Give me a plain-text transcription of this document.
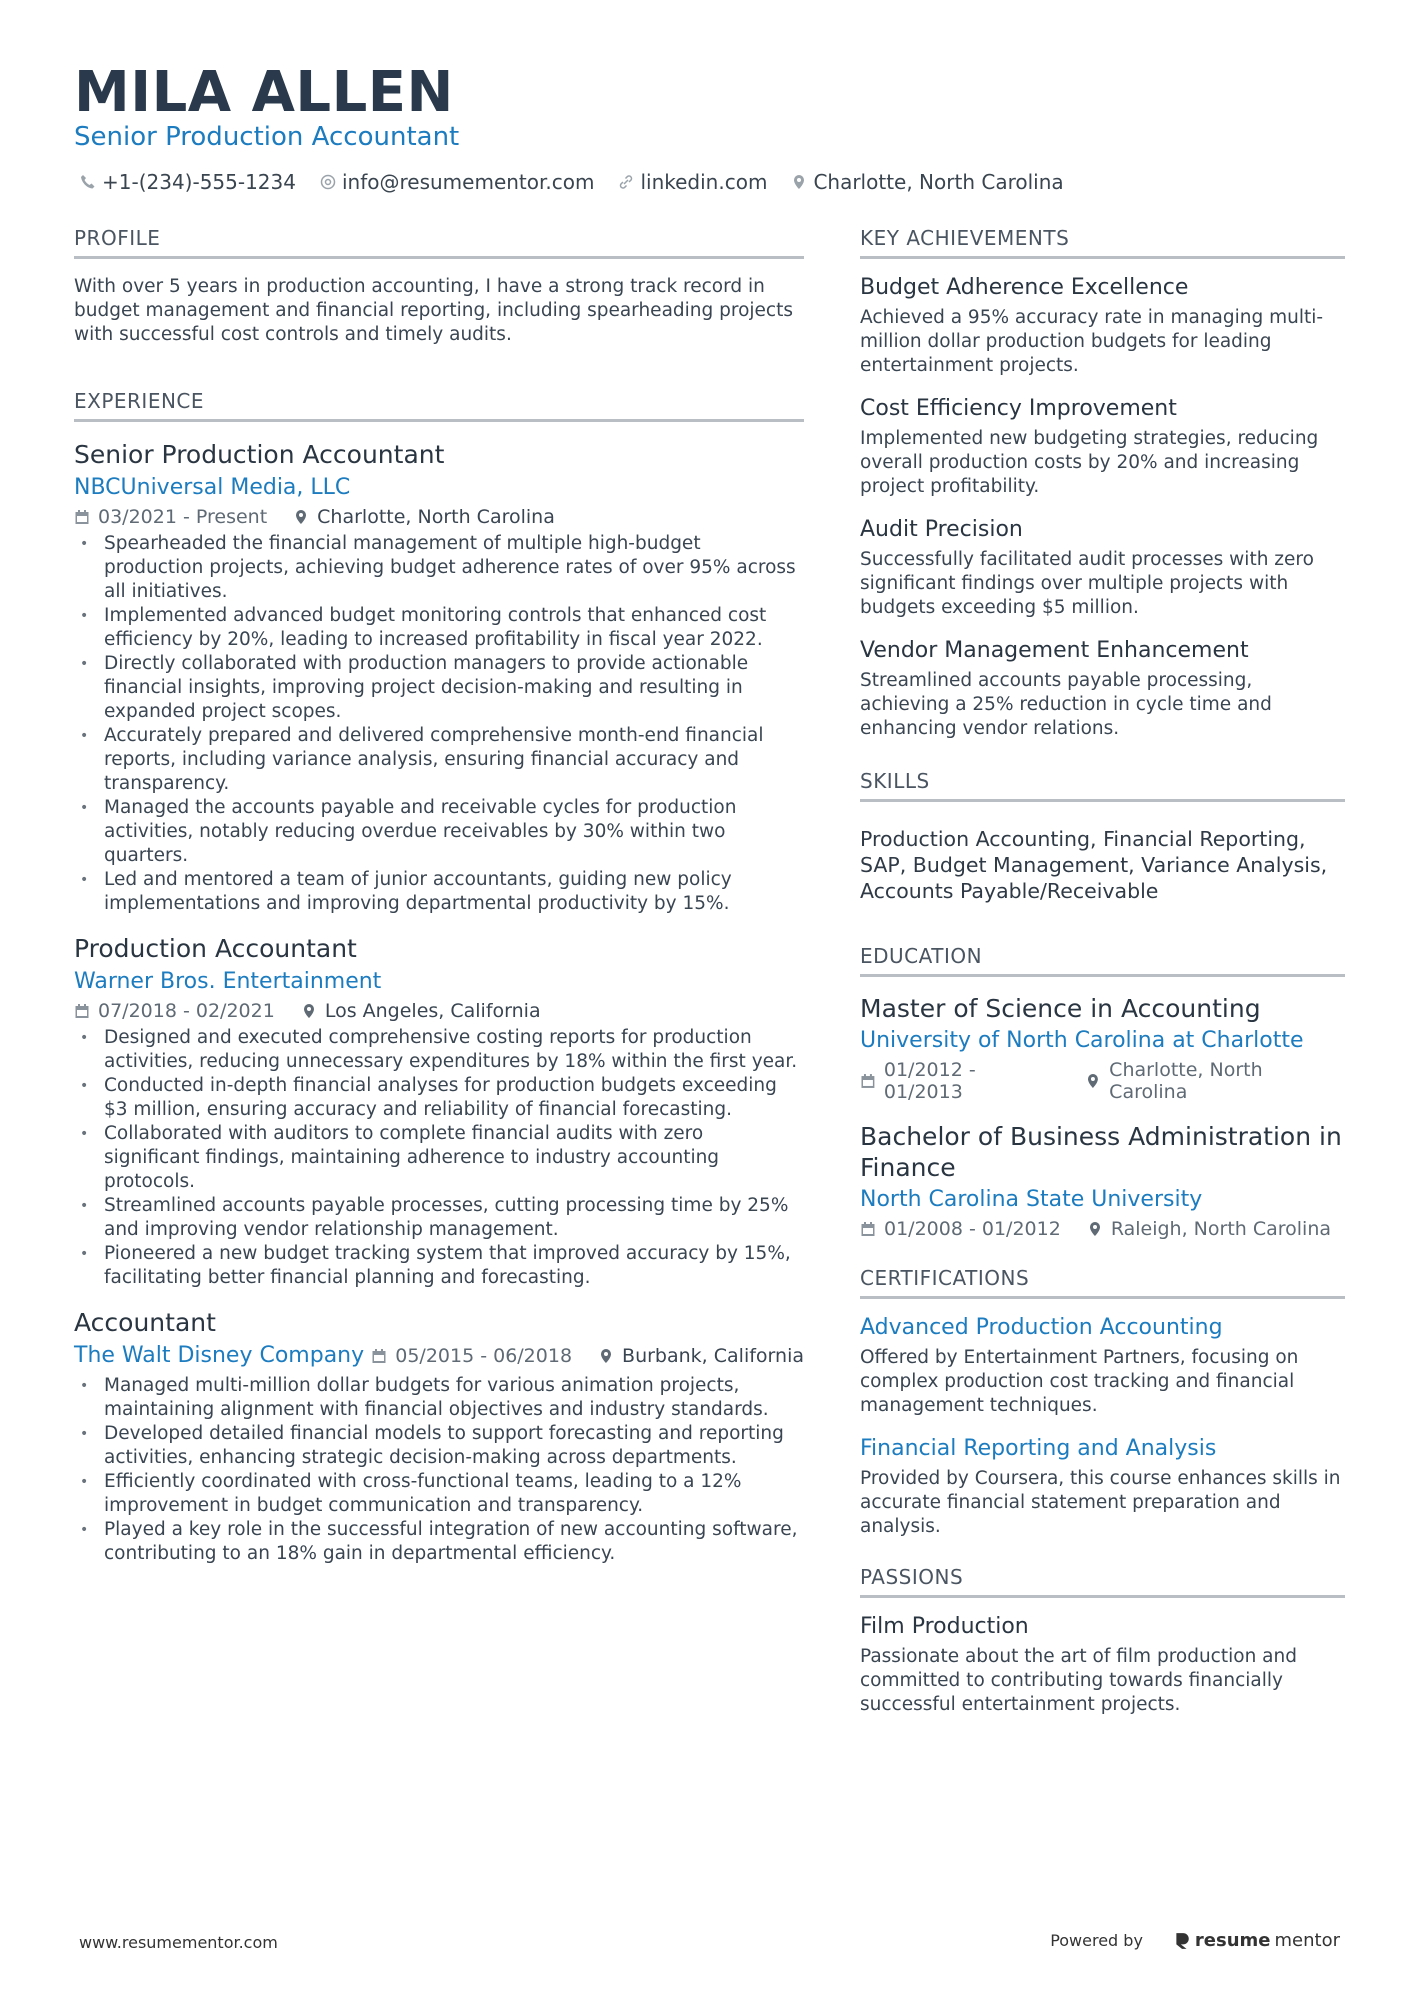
MILA ALLEN
Senior Production Accountant
+1-(234)-555-1234 info@resumementor.com linkedin.com Charlotte, North Carolina
PROFILE
With over 5 years in production accounting, I have a strong track record in budget management and financial reporting, including spearheading projects with successful cost controls and timely audits.
EXPERIENCE
Senior Production Accountant
NBCUniversal Media, LLC
03/2021 - Present	Charlotte, North Carolina
• Spearheaded the financial management of multiple high-budget production projects, achieving budget adherence rates of over 95% across all initiatives.
• Implemented advanced budget monitoring controls that enhanced cost efficiency by 20%, leading to increased profitability in fiscal year 2022.
• Directly collaborated with production managers to provide actionable financial insights, improving project decision-making and resulting in expanded project scopes.
• Accurately prepared and delivered comprehensive month-end financial reports, including variance analysis, ensuring financial accuracy and transparency.
• Managed the accounts payable and receivable cycles for production activities, notably reducing overdue receivables by 30% within two quarters.
• Led and mentored a team of junior accountants, guiding new policy implementations and improving departmental productivity by 15%.
Production Accountant
Warner Bros. Entertainment
07/2018 - 02/2021	Los Angeles, California
• Designed and executed comprehensive costing reports for production activities, reducing unnecessary expenditures by 18% within the first year.
• Conducted in-depth financial analyses for production budgets exceeding $3 million, ensuring accuracy and reliability of financial forecasting.
• Collaborated with auditors to complete financial audits with zero significant findings, maintaining adherence to industry accounting protocols.
• Streamlined accounts payable processes, cutting processing time by 25% and improving vendor relationship management.
• Pioneered a new budget tracking system that improved accuracy by 15%, facilitating better financial planning and forecasting.
Accountant
The Walt Disney Company 05/2015 - 06/2018	Burbank, California
• Managed multi-million dollar budgets for various animation projects, maintaining alignment with financial objectives and industry standards.
• Developed detailed financial models to support forecasting and reporting activities, enhancing strategic decision-making across departments.
• Efficiently coordinated with cross-functional teams, leading to a 12% improvement in budget communication and transparency.
• Played a key role in the successful integration of new accounting software, contributing to an 18% gain in departmental efficiency.
KEY ACHIEVEMENTS
Budget Adherence Excellence
Achieved a 95% accuracy rate in managing multi-million dollar production budgets for leading entertainment projects.
Cost Efficiency Improvement
Implemented new budgeting strategies, reducing overall production costs by 20% and increasing project profitability.
Audit Precision
Successfully facilitated audit processes with zero significant findings over multiple projects with budgets exceeding $5 million.
Vendor Management Enhancement
Streamlined accounts payable processing, achieving a 25% reduction in cycle time and enhancing vendor relations.
SKILLS
Production Accounting, Financial Reporting, SAP, Budget Management, Variance Analysis, Accounts Payable/Receivable
EDUCATION
Master of Science in Accounting
University of North Carolina at Charlotte
01/2012 - 01/2013
Charlotte, North Carolina
Bachelor of Business Administration in Finance
North Carolina State University
01/2008 - 01/2012	Raleigh, North Carolina
CERTIFICATIONS
Advanced Production Accounting
Offered by Entertainment Partners, focusing on complex production cost tracking and financial management techniques.
Financial Reporting and Analysis
Provided by Coursera, this course enhances skills in accurate financial statement preparation and analysis.
PASSIONS
Film Production
Passionate about the art of film production and committed to contributing towards financially successful entertainment projects.
www.resumementor.com	Powered by	resume mentor
